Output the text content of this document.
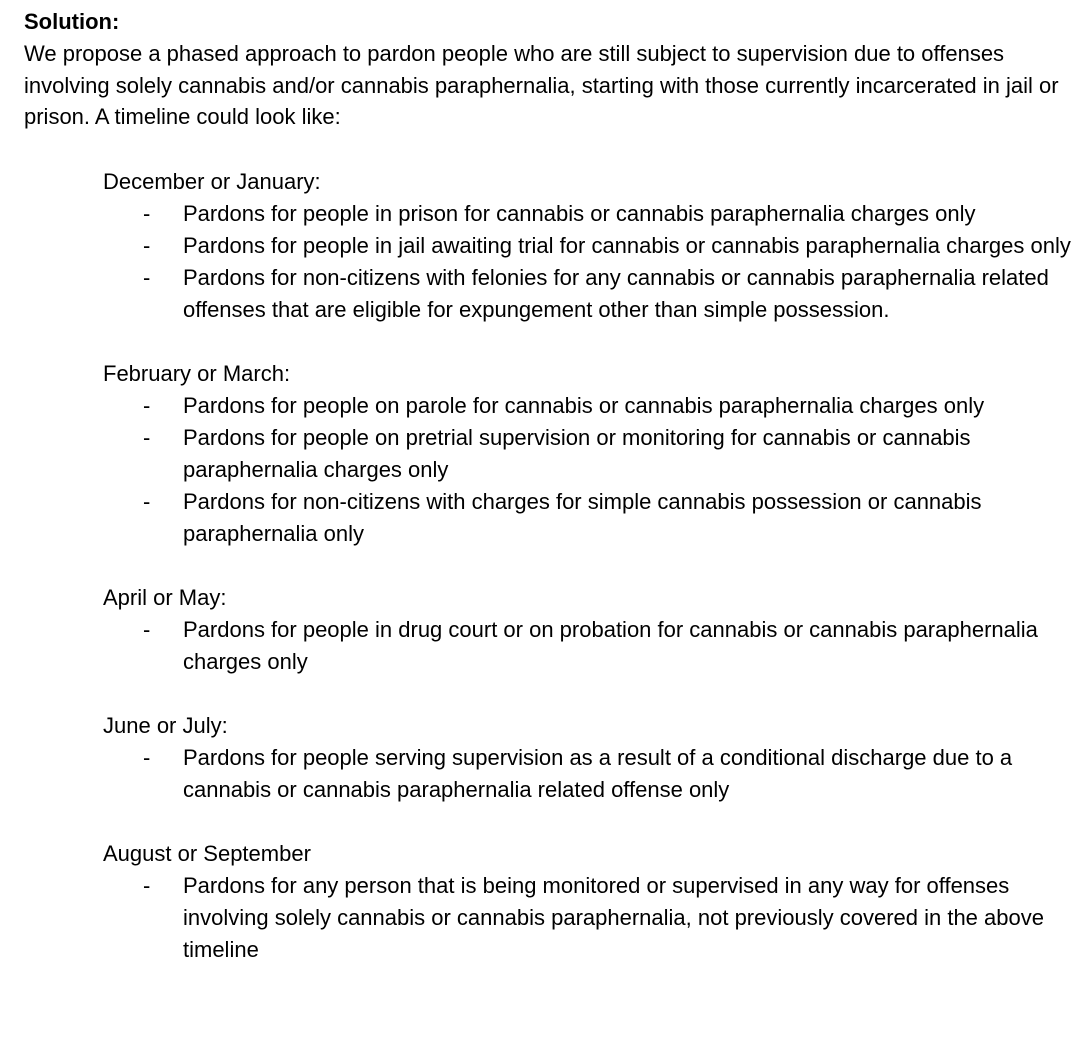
Solution:

We propose a phased approach to pardon people who are still subject to supervision due to offenses involving solely cannabis and/or cannabis paraphernalia, starting with those currently incarcerated in jail or prison. A timeline could look like:

December or January:

- Pardons for people in prison for cannabis or cannabis paraphernalia charges only
- Pardons for people in jail awaiting trial for cannabis or cannabis paraphernalia charges only
- Pardons for non-citizens with felonies for any cannabis or cannabis paraphernalia related offenses that are eligible for expungement other than simple possession.

February or March:

- Pardons for people on parole for cannabis or cannabis paraphernalia charges only
- Pardons for people on pretrial supervision or monitoring for cannabis or cannabis paraphernalia charges only
- Pardons for non-citizens with charges for simple cannabis possession or cannabis paraphernalia only

April or May:

- Pardons for people in drug court or on probation for cannabis or cannabis paraphernalia charges only

June or July:

- Pardons for people serving supervision as a result of a conditional discharge due to a cannabis or cannabis paraphernalia related offense only

August or September

- Pardons for any person that is being monitored or supervised in any way for offenses involving solely cannabis or cannabis paraphernalia, not previously covered in the above timeline
